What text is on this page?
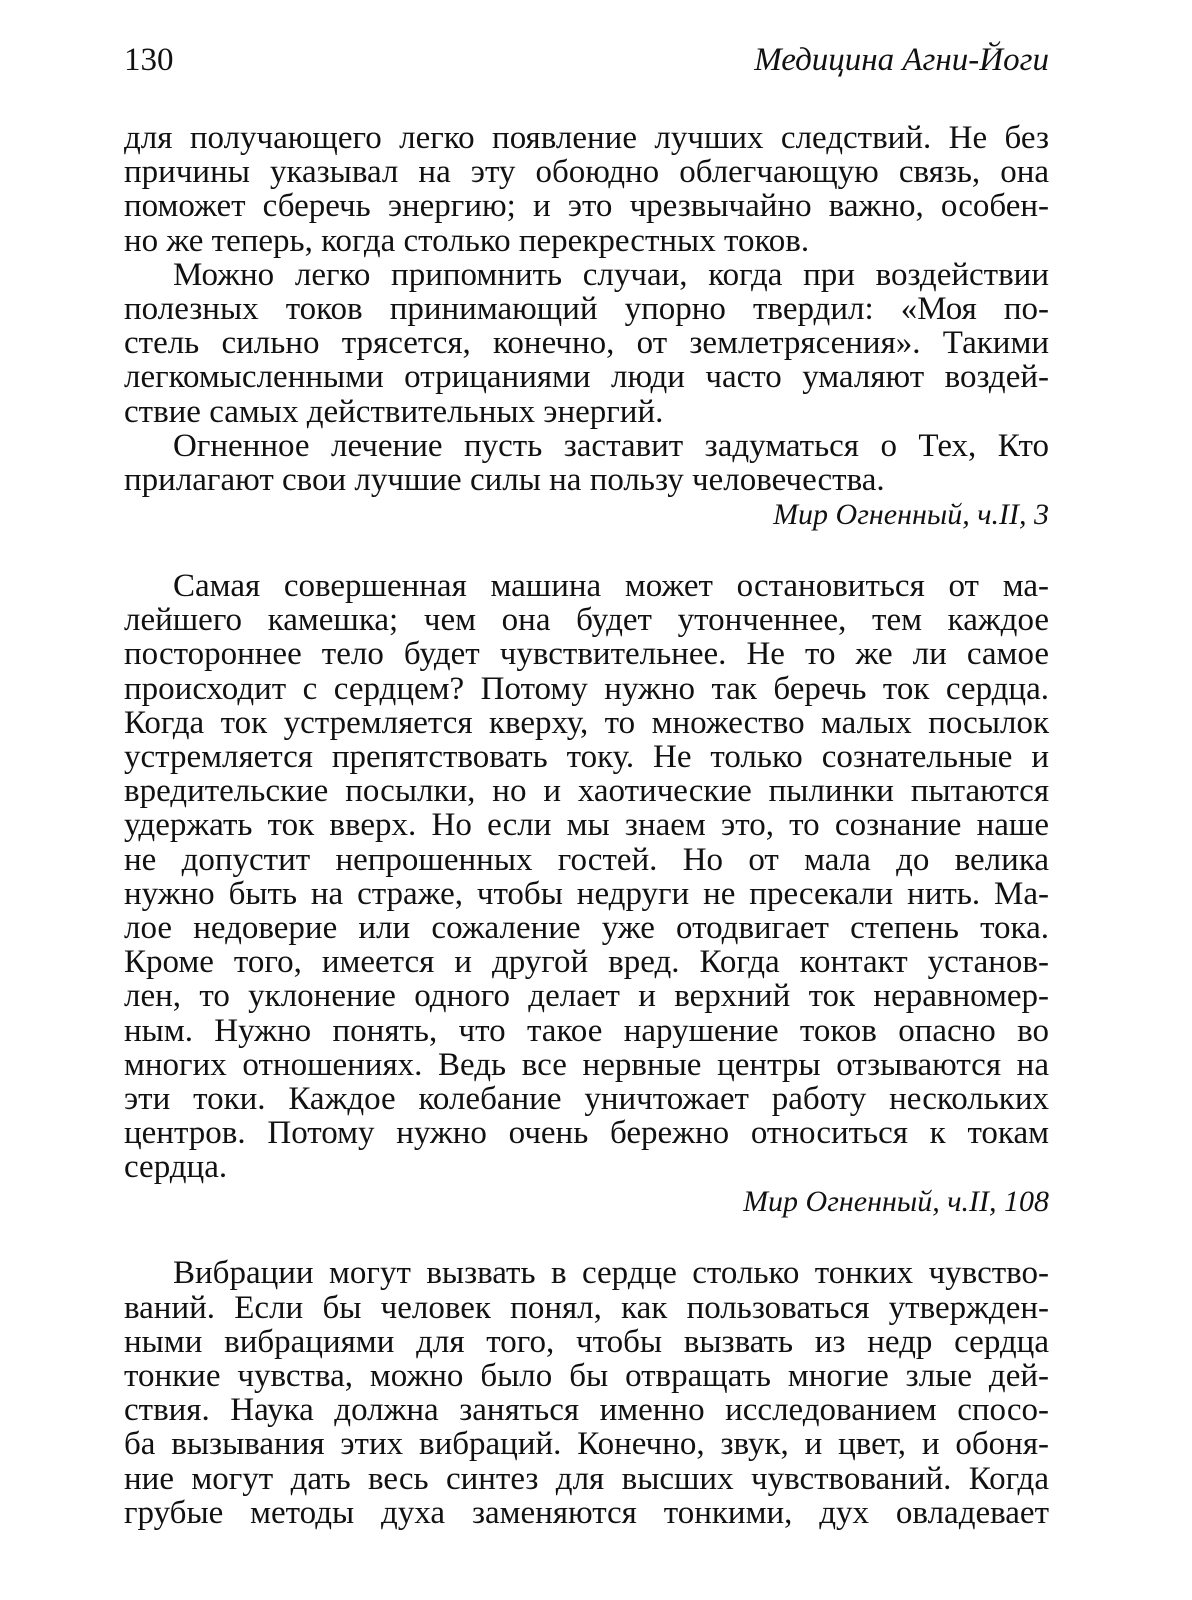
130	Медицина Агни-Йоги
для получающего легко появление лучших следствий. Не без
причины указывал на эту обоюдно облегчающую связь, она
поможет сберечь энергию; и это чрезвычайно важно, особен-
но же теперь, когда столько перекрестных токов.
Можно легко припомнить случаи, когда при воздействии
полезных токов принимающий упорно твердил: «Моя по-
стель сильно трясется, конечно, от землетрясения». Такими
легкомысленными отрицаниями люди часто умаляют воздей-
ствие самых действительных энергий.
Огненное лечение пусть заставит задуматься о Тех, Кто
прилагают свои лучшие силы на пользу человечества.
Мир Огненный, ч.II, 3
Самая совершенная машина может остановиться от ма-
лейшего камешка; чем она будет утонченнее, тем каждое
постороннее тело будет чувствительнее. Не то же ли самое
происходит с сердцем? Потому нужно так беречь ток сердца.
Когда ток устремляется кверху, то множество малых посылок
устремляется препятствовать току. Не только сознательные и
вредительские посылки, но и хаотические пылинки пытаются
удержать ток вверх. Но если мы знаем это, то сознание наше
не допустит непрошенных гостей. Но от мала до велика
нужно быть на страже, чтобы недруги не пресекали нить. Ма-
лое недоверие или сожаление уже отодвигает степень тока.
Кроме того, имеется и другой вред. Когда контакт установ-
лен, то уклонение одного делает и верхний ток неравномер-
ным. Нужно понять, что такое нарушение токов опасно во
многих отношениях. Ведь все нервные центры отзываются на
эти токи. Каждое колебание уничтожает работу нескольких
центров. Потому нужно очень бережно относиться к токам
сердца.
Мир Огненный, ч.II, 108
Вибрации могут вызвать в сердце столько тонких чувство-
ваний. Если бы человек понял, как пользоваться утвержден-
ными вибрациями для того, чтобы вызвать из недр сердца
тонкие чувства, можно было бы отвращать многие злые дей-
ствия. Наука должна заняться именно исследованием спосо-
ба вызывания этих вибраций. Конечно, звук, и цвет, и обоня-
ние могут дать весь синтез для высших чувствований. Когда
грубые методы духа заменяются тонкими, дух овладевает
